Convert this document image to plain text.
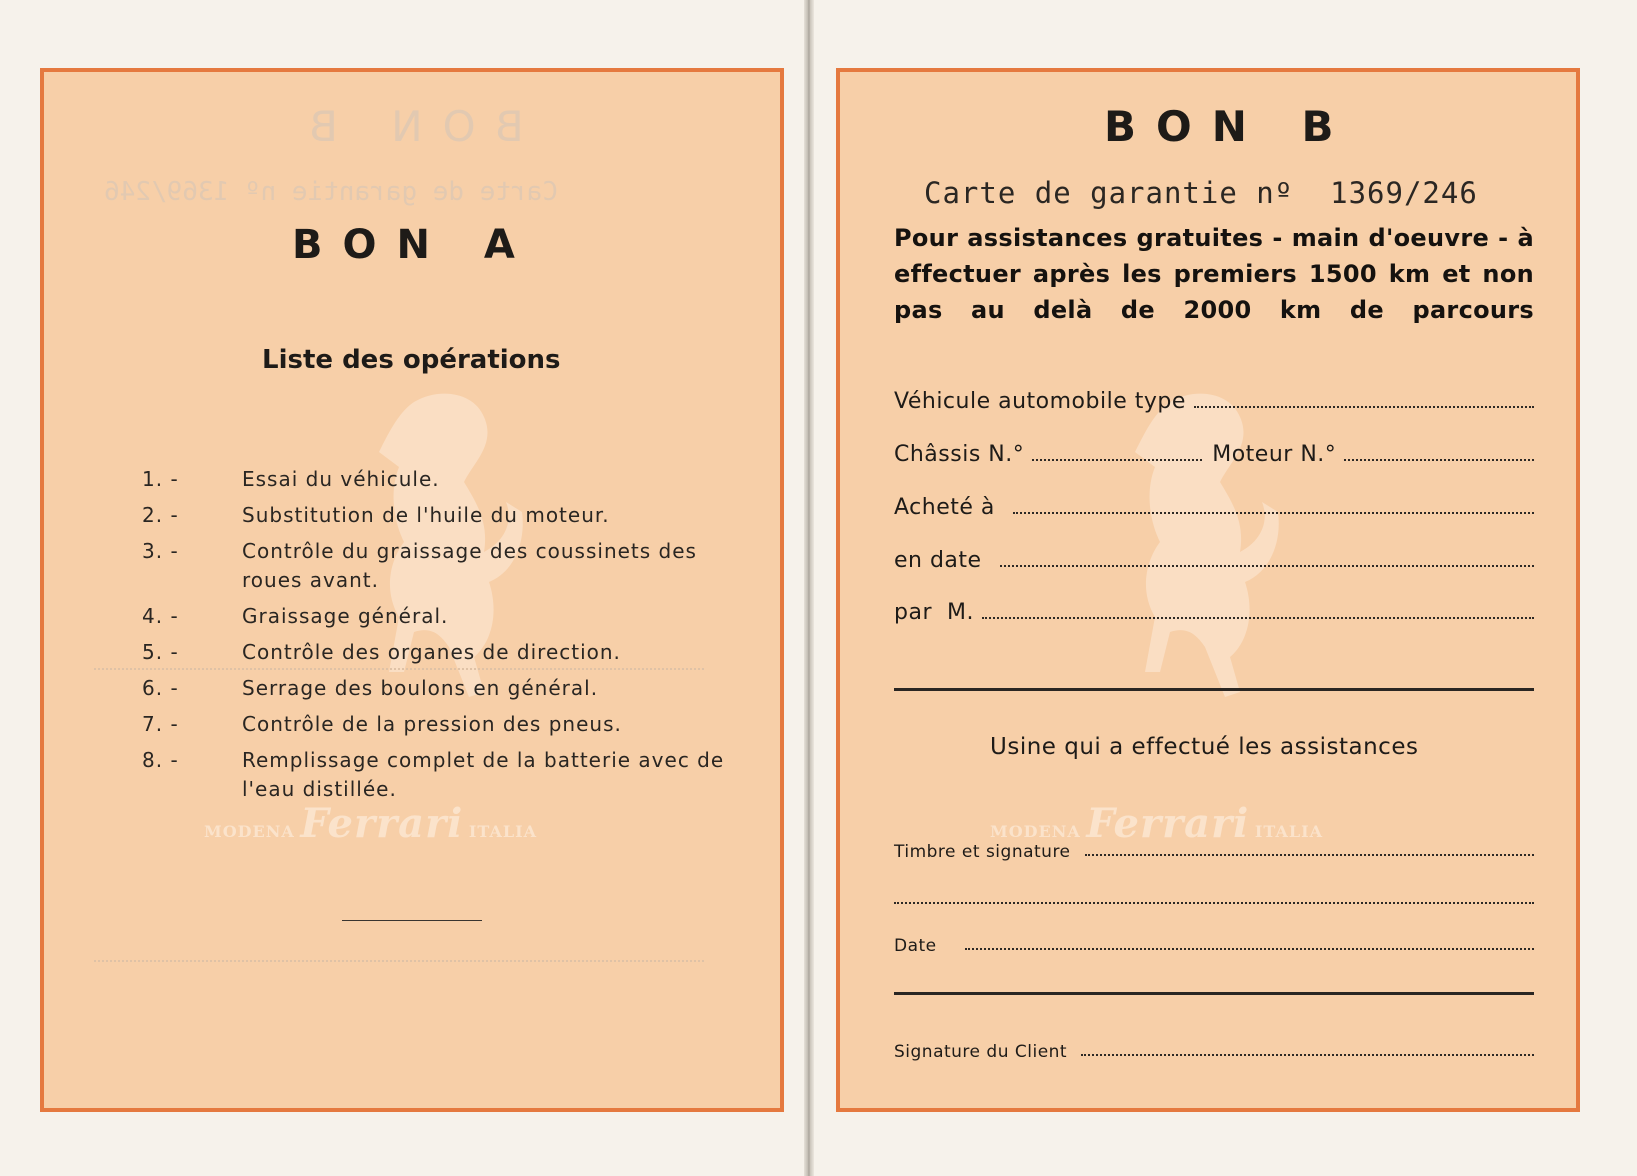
BON B
Carte de garantie nº 1369/246
BON A
Liste des opérations
1. -	Essai du véhicule.
2. -	Substitution de l'huile du moteur.
3. -	Contrôle du graissage des coussinets des roues avant.
4. -	Graissage général.
5. -	Contrôle des organes de direction.
6. -	Serrage des boulons en général.
7. -	Contrôle de la pression des pneus.
8. -	Remplissage complet de la batterie avec de l'eau distillée.
MODENA Ferrari ITALIA
BON B
Carte de garantie nº 1369/246
Pour assistances gratuites - main d'oeuvre - à effectuer après les premiers 1500 km et non pas au delà de 2000 km de parcours
Véhicule automobile type
Châssis N.°	Moteur N.°
Acheté à
en date
par  M.
Usine qui a effectué les assistances
MODENA Ferrari ITALIA
Timbre et signature
Date
Signature du Client
